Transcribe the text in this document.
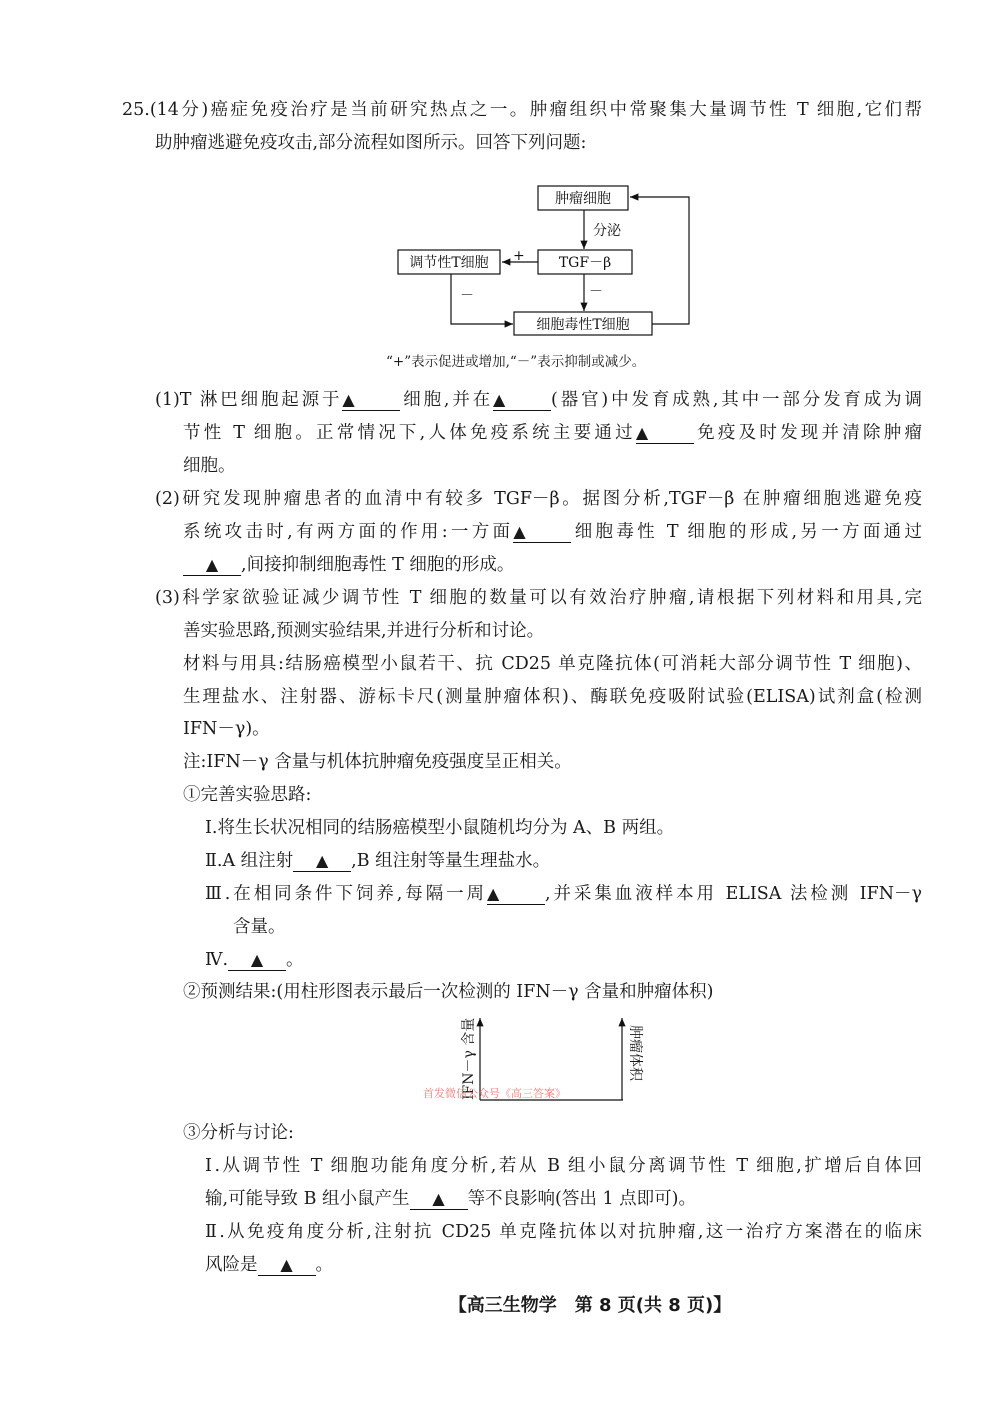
25.(14分)癌症免疫治疗是当前研究热点之一。肿瘤组织中常聚集大量调节性 T 细胞,它们帮
助肿瘤逃避免疫攻击,部分流程如图所示。回答下列问题:
(1)T 淋巴细胞起源于▲	细胞,并在▲	(器官)中发育成熟,其中一部分发育成为调
节性 T 细胞。正常情况下,人体免疫系统主要通过▲	免疫及时发现并清除肿瘤
细胞。
(2)研究发现肿瘤患者的血清中有较多 TGF－β。据图分析,TGF－β 在肿瘤细胞逃避免疫
系统攻击时,有两方面的作用:一方面▲	细胞毒性 T 细胞的形成,另一方面通过
▲ ,间接抑制细胞毒性 T 细胞的形成。
(3)科学家欲验证减少调节性 T 细胞的数量可以有效治疗肿瘤,请根据下列材料和用具,完
善实验思路,预测实验结果,并进行分析和讨论。
材料与用具:结肠癌模型小鼠若干、抗 CD25 单克隆抗体(可消耗大部分调节性 T 细胞)、
生理盐水、注射器、游标卡尺(测量肿瘤体积)、酶联免疫吸附试验(ELISA)试剂盒(检测
IFN－γ)。
注:IFN－γ 含量与机体抗肿瘤免疫强度呈正相关。
①完善实验思路:
Ⅰ.将生长状况相同的结肠癌模型小鼠随机均分为 A、B 两组。
Ⅱ.A 组注射 ▲ ,B 组注射等量生理盐水。
Ⅲ.在相同条件下饲养,每隔一周▲	,并采集血液样本用 ELISA 法检测 IFN－γ
含量。
Ⅳ. ▲ 。
②预测结果:(用柱形图表示最后一次检测的 IFN－γ 含量和肿瘤体积)
③分析与讨论:
Ⅰ.从调节性 T 细胞功能角度分析,若从 B 组小鼠分离调节性 T 细胞,扩增后自体回
输,可能导致 B 组小鼠产生 ▲ 等不良影响(答出 1 点即可)。
Ⅱ.从免疫角度分析,注射抗 CD25 单克隆抗体以对抗肿瘤,这一治疗方案潜在的临床
风险是 ▲ 。
肿瘤细胞
分泌
TGF－β
调节性T细胞
细胞毒性T细胞
+
－	－
“+”表示促进或增加,“－”表示抑制或减少。
IFN－γ 含量	肿瘤体积
首发微信公众号《高三答案》
【高三生物学　第 8 页(共 8 页)】
